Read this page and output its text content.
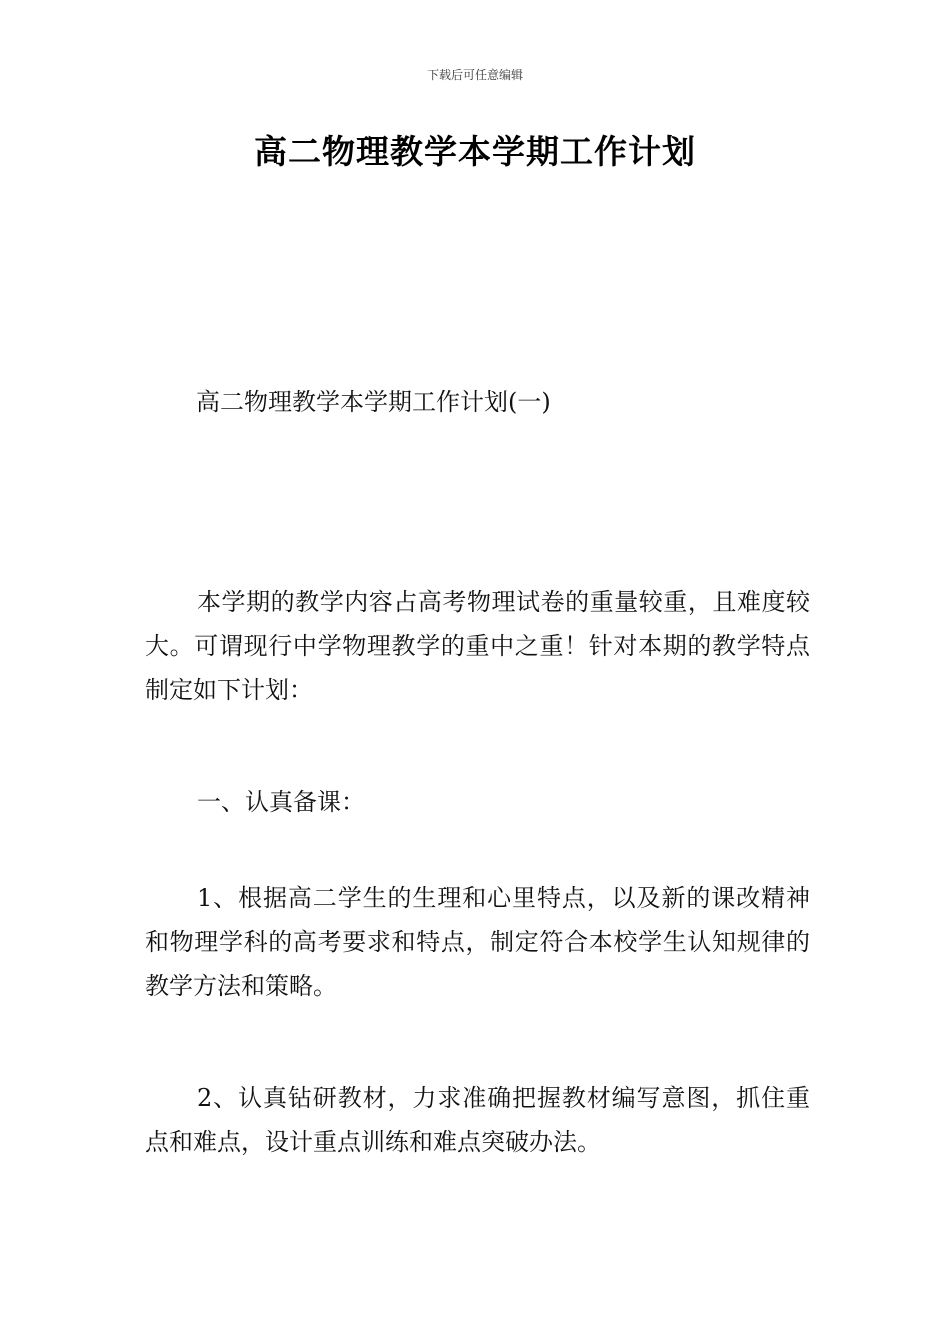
下载后可任意编辑
高二物理教学本学期工作计划
高二物理教学本学期工作计划(一)
本学期的教学内容占高考物理试卷的重量较重，且难度较大。可谓现行中学物理教学的重中之重！针对本期的教学特点制定如下计划：
一、认真备课：
1、根据高二学生的生理和心里特点，以及新的课改精神和物理学科的高考要求和特点，制定符合本校学生认知规律的教学方法和策略。
2、认真钻研教材，力求准确把握教材编写意图，抓住重点和难点，设计重点训练和难点突破办法。
